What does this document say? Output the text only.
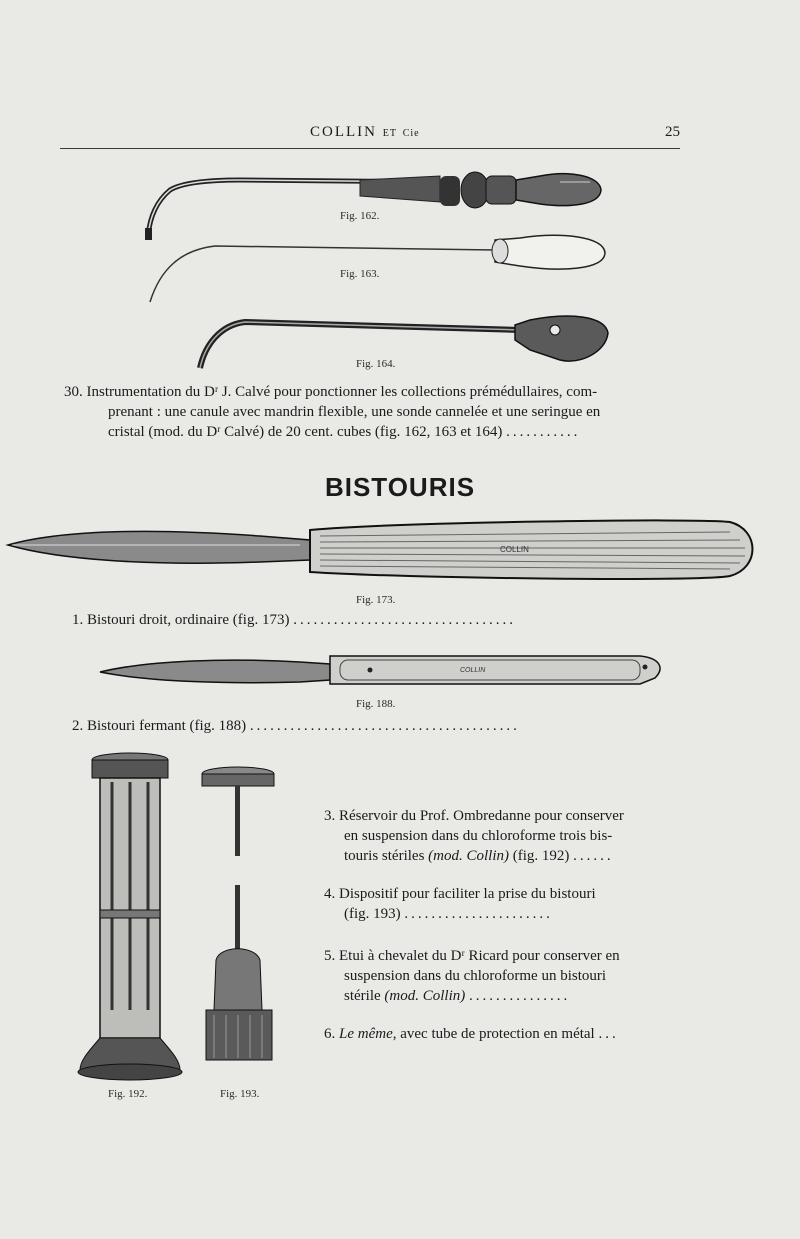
COLLIN ET Cie	25
COLLIN
COLLIN
Fig. 162.
Fig. 163.
Fig. 164.
30. Instrumentation du Dʳ J. Calvé pour ponctionner les collections prémédullaires, com-
prenant : une canule avec mandrin flexible, une sonde cannelée et une seringue en
cristal (mod. du Dʳ Calvé) de 20 cent. cubes (fig. 162, 163 et 164) ...........
BISTOURIS
Fig. 173.
1. Bistouri droit, ordinaire (fig. 173) .................................
Fig. 188.
2. Bistouri fermant (fig. 188) ........................................
3. Réservoir du Prof. Ombredanne pour conserver
en suspension dans du chloroforme trois bis-
touris stériles (mod. Collin) (fig. 192) ......
4. Dispositif pour faciliter la prise du bistouri
(fig. 193) ......................
5. Etui à chevalet du Dʳ Ricard pour conserver en
suspension dans du chloroforme un bistouri
stérile (mod. Collin) ...............
6. Le même, avec tube de protection en métal ...
Fig. 192.	Fig. 193.
